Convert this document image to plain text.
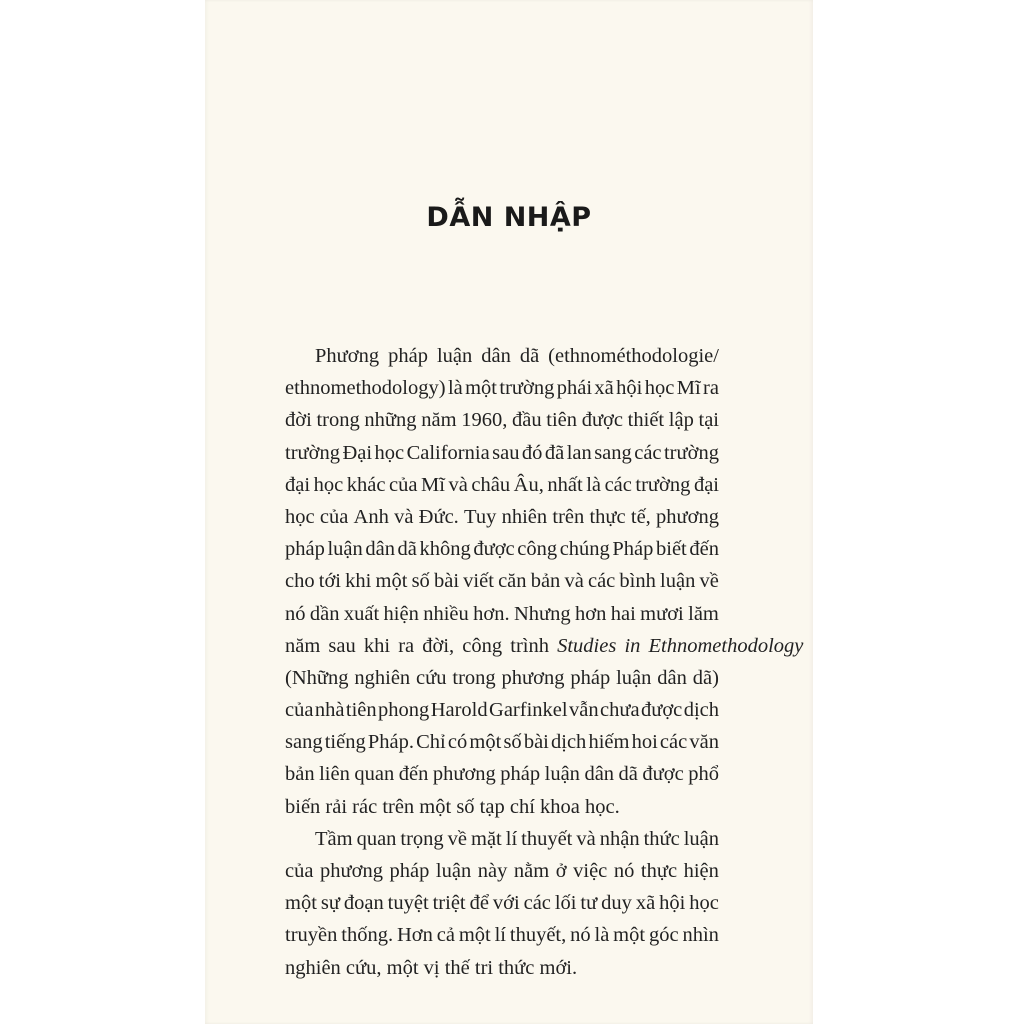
DẪN NHẬP
Phương pháp luận dân dã (ethnométhodologie/
ethnomethodology) là một trường phái xã hội học Mĩ ra
đời trong những năm 1960, đầu tiên được thiết lập tại
trường Đại học California sau đó đã lan sang các trường
đại học khác của Mĩ và châu Âu, nhất là các trường đại
học của Anh và Đức. Tuy nhiên trên thực tế, phương
pháp luận dân dã không được công chúng Pháp biết đến
cho tới khi một số bài viết căn bản và các bình luận về
nó dần xuất hiện nhiều hơn. Nhưng hơn hai mươi lăm
năm sau khi ra đời, công trình Studies in Ethnomethodology
(Những nghiên cứu trong phương pháp luận dân dã)
của nhà tiên phong Harold Garfinkel vẫn chưa được dịch
sang tiếng Pháp. Chỉ có một số bài dịch hiếm hoi các văn
bản liên quan đến phương pháp luận dân dã được phổ
biến rải rác trên một số tạp chí khoa học.
Tầm quan trọng về mặt lí thuyết và nhận thức luận
của phương pháp luận này nằm ở việc nó thực hiện
một sự đoạn tuyệt triệt để với các lối tư duy xã hội học
truyền thống. Hơn cả một lí thuyết, nó là một góc nhìn
nghiên cứu, một vị thế tri thức mới.
